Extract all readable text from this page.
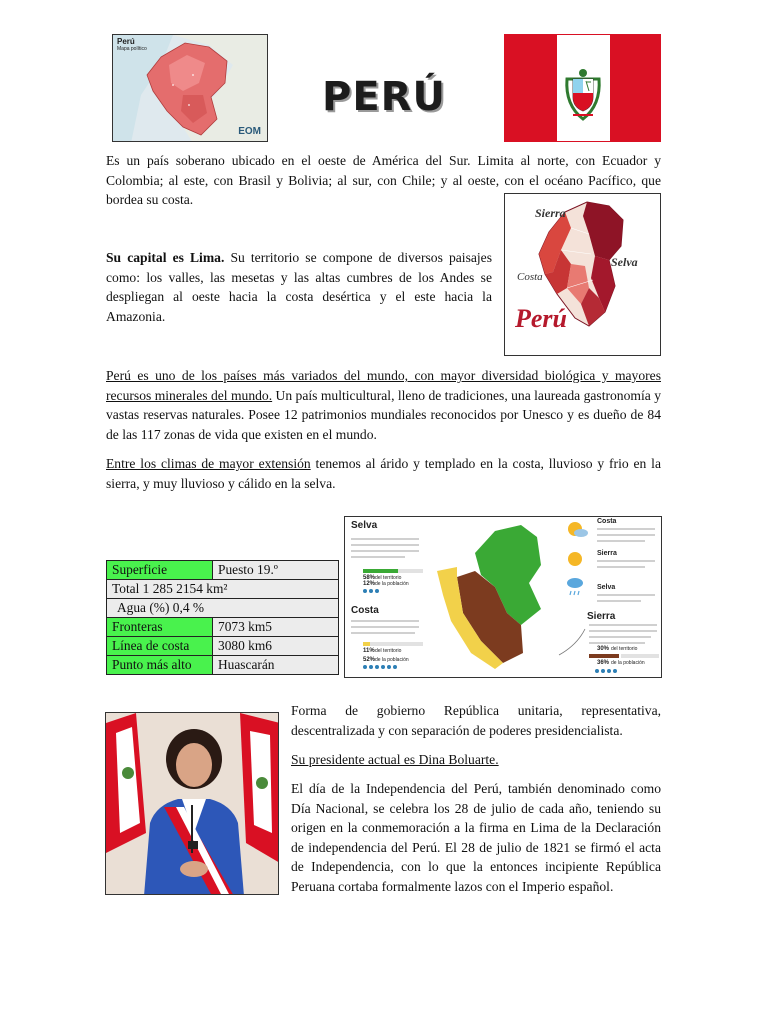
Perú
Mapa político
EOM
PERÚ

Es un país soberano ubicado en el oeste de América del Sur. Limita al norte, con Ecuador y Colombia; al este, con Brasil y Bolivia; al sur, con Chile; y al oeste, con el océano Pacífico, que bordea su costa.

Su capital es Lima. Su territorio se compone de diversos paisajes como: los valles, las mesetas y las altas cumbres de los Andes se despliegan al oeste hacia la costa desértica y el este hacia la Amazonia.

Sierra
Selva
Costa
Perú

Perú es uno de los países más variados del mundo, con mayor diversidad biológica y mayores recursos minerales del mundo. Un país multicultural, lleno de tradiciones, una laureada gastronomía y vastas reservas naturales. Posee 12 patrimonios mundiales reconocidos por Unesco y es dueño de 84 de las 117 zonas de vida que existen en el mundo.

Entre los climas de mayor extensión tenemos al árido y templado en la costa, lluvioso y frio en la sierra, y muy lluvioso y cálido en la selva.

Superficie	Puesto 19.º
Total 1 285 2154 km²	
Agua (%) 0,4 %	
Fronteras	7073 km5
Línea de costa	3080 km6
Punto más alto	Huascarán
Selva
58% del territorio
12% de la población
Costa
11% del territorio
52% de la población
Sierra
30% del territorio
36% de la población
Costa
Sierra
Selva

Forma de gobierno República unitaria, representativa, descentralizada y con separación de poderes presidencialista.

Su presidente actual es Dina Boluarte.

El día de la Independencia del Perú, también denominado como Día Nacional, se celebra los 28 de julio de cada año, teniendo su origen en la conmemoración a la firma en Lima de la Declaración de independencia del Perú. El 28 de julio de 1821 se firmó el acta de Independencia, con lo que la entonces incipiente República Peruana cortaba formalmente lazos con el Imperio español.
